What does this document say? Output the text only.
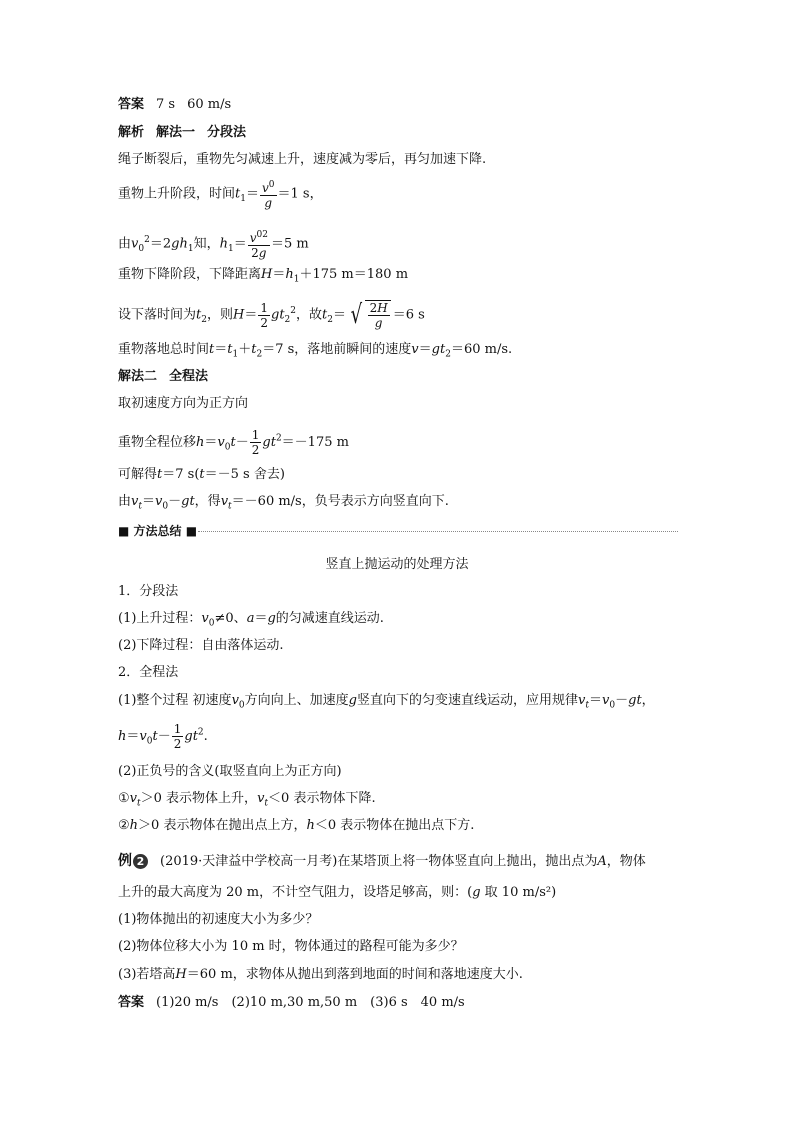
答案 7 s 60 m/s
解析 解法一 分段法
绳子断裂后，重物先匀减速上升，速度减为零后，再匀加速下降.
重物上升阶段，时间$t_1= \frac{v^0}{g} =1$ s，
由$v_0^2=2gh_1$知，$h_1= \frac{v^{02}}{2g} =5$ m
重物下降阶段，下降距离$H=h_1+175$ m＝180 m
设下落时间为$t_2$，则$H= \frac{1}{2} gt_2^2$，故$t_2=$ √ $\frac{2H}{g} =6$ s
重物落地总时间$t=t_1+t_2=7$ s，落地前瞬间的速度$v=gt_2=60$ m/s.
解法二 全程法
取初速度方向为正方向
重物全程位移$h=v_0t- \frac{1}{2} gt^2=-175$ m
可解得t＝7 s(t＝－5 s 舍去)
由$v_t=v_0-gt$，得$v_t=-60$ m/s，负号表示方向竖直向下.
■ 方法总结 ■
竖直上抛运动的处理方法
1．分段法
(1)上升过程：$v_0\ne 0$、a＝g的匀减速直线运动.
(2)下降过程：自由落体运动.
2．全程法
(1)整个过程 初速度$v_0$方向向上、加速度g竖直向下的匀变速直线运动，应用规律$v_t=v_0-gt$，
$h=v_0t- \frac{1}{2} gt^2$.
(2)正负号的含义(取竖直向上为正方向)
$①v_t>0$ 表示物体上升，$v_t<0$ 表示物体下降.
②h＞0 表示物体在抛出点上方，h＜0 表示物体在抛出点下方.
例 2 (2019·天津益中学校高一月考)在某塔顶上将一物体竖直向上抛出，抛出点为A，物体
上升的最大高度为 20 m，不计空气阻力，设塔足够高，则：(g 取 10 m/s²)
(1)物体抛出的初速度大小为多少？
(2)物体位移大小为 10 m 时，物体通过的路程可能为多少？
(3)若塔高H＝60 m，求物体从抛出到落到地面的时间和落地速度大小.
答案 (1)20 m/s　(2)10 m,30 m,50 m　(3)6 s　40 m/s
